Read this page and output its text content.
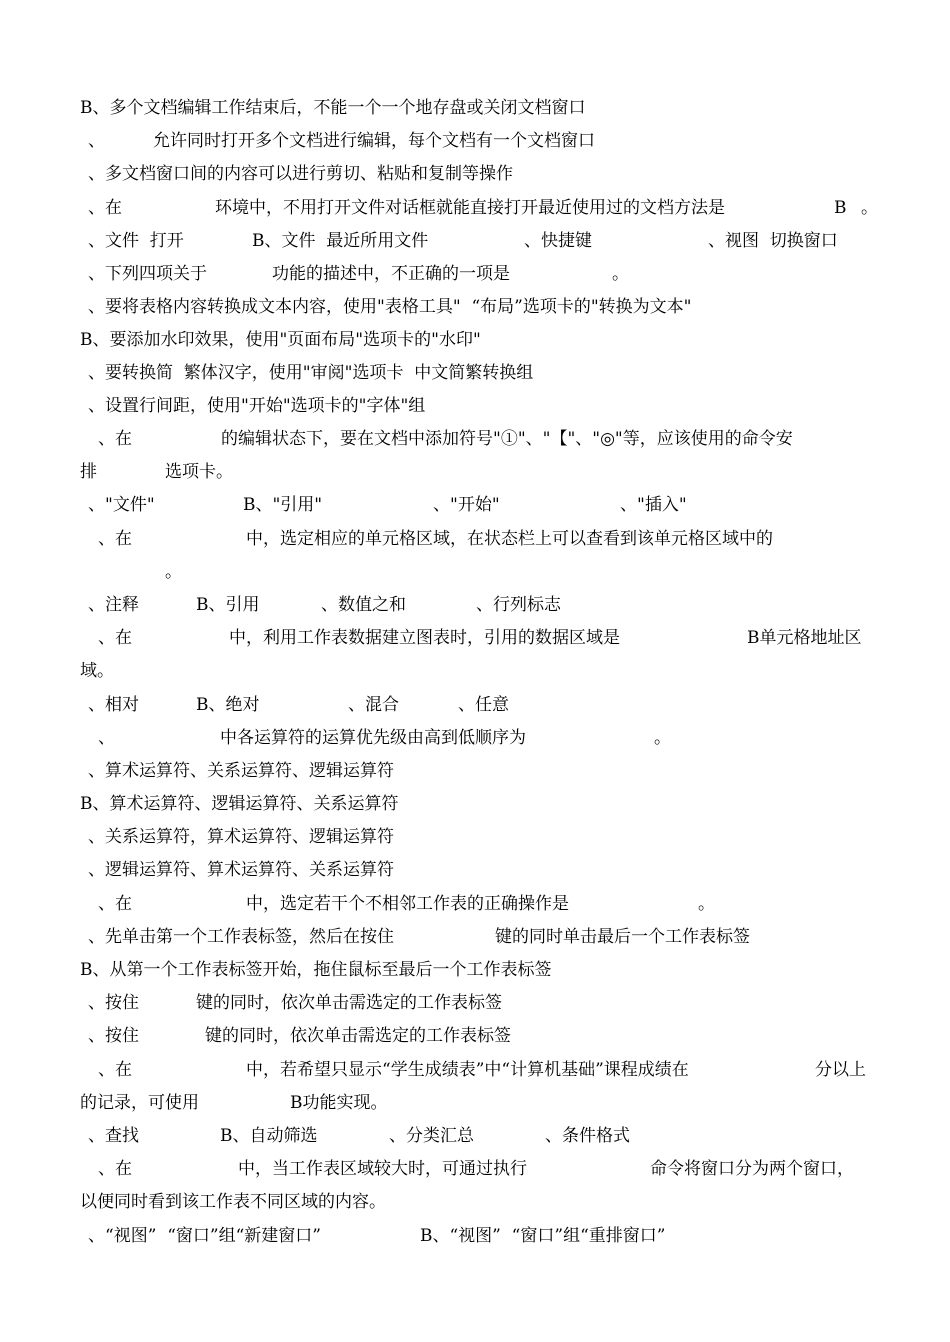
B、多个文档编辑工作结束后，不能一个一个地存盘或关闭文档窗口

、

	允许同时打开多个文档进行编辑，每个文档有一个文档窗口

、多文档窗口间的内容可以进行剪切、粘贴和复制等操作

、在

	环境中，不用打开文件对话框就能直接打开最近使用过的文档方法是

	B

。

、文件  打开

	B、文件  最近所用文件

	、快捷键

	、视图  切换窗口

、下列四项关于

	功能的描述中，不正确的一项是

	。

、要将表格内容转换成文本内容，使用"表格工具"  “布局”选项卡的"转换为文本"

B、要添加水印效果，使用"页面布局"选项卡的"水印"

、要转换简  繁体汉字，使用"审阅"选项卡  中文简繁转换组

、设置行间距，使用"开始"选项卡的"字体"组

、在

	的编辑状态下，要在文档中添加符号"①"、"【"、"◎"等，应该使用的命令安

排

	选项卡。

、"文件"

	B、"引用"

	、"开始"

	、"插入"

、在

	中，选定相应的单元格区域，在状态栏上可以查看到该单元格区域中的

。

、注释

	B、引用

	、数值之和

	、行列标志

、在

	中，利用工作表数据建立图表时，引用的数据区域是

	B单元格地址区

域。

、相对

	B、绝对

	、混合

	、任意

、

	中各运算符的运算优先级由高到低顺序为

	。

、算术运算符、关系运算符、逻辑运算符

B、算术运算符、逻辑运算符、关系运算符

、关系运算符，算术运算符、逻辑运算符

、逻辑运算符、算术运算符、关系运算符

、在

	中，选定若干个不相邻工作表的正确操作是

	。

、先单击第一个工作表标签，然后在按住

	键的同时单击最后一个工作表标签

B、从第一个工作表标签开始，拖住鼠标至最后一个工作表标签

、按住

	键的同时，依次单击需选定的工作表标签

、按住

	键的同时，依次单击需选定的工作表标签

、在

	中，若希望只显示“学生成绩表”中“计算机基础”课程成绩在

	分以上

的记录，可使用

	B功能实现。

、查找

	B、自动筛选

	、分类汇总

	、条件格式

、在

	中，当工作表区域较大时，可通过执行

	命令将窗口分为两个窗口，

以便同时看到该工作表不同区域的内容。

、“视图”  “窗口”组“新建窗口”

	B、“视图”  “窗口”组“重排窗口”
